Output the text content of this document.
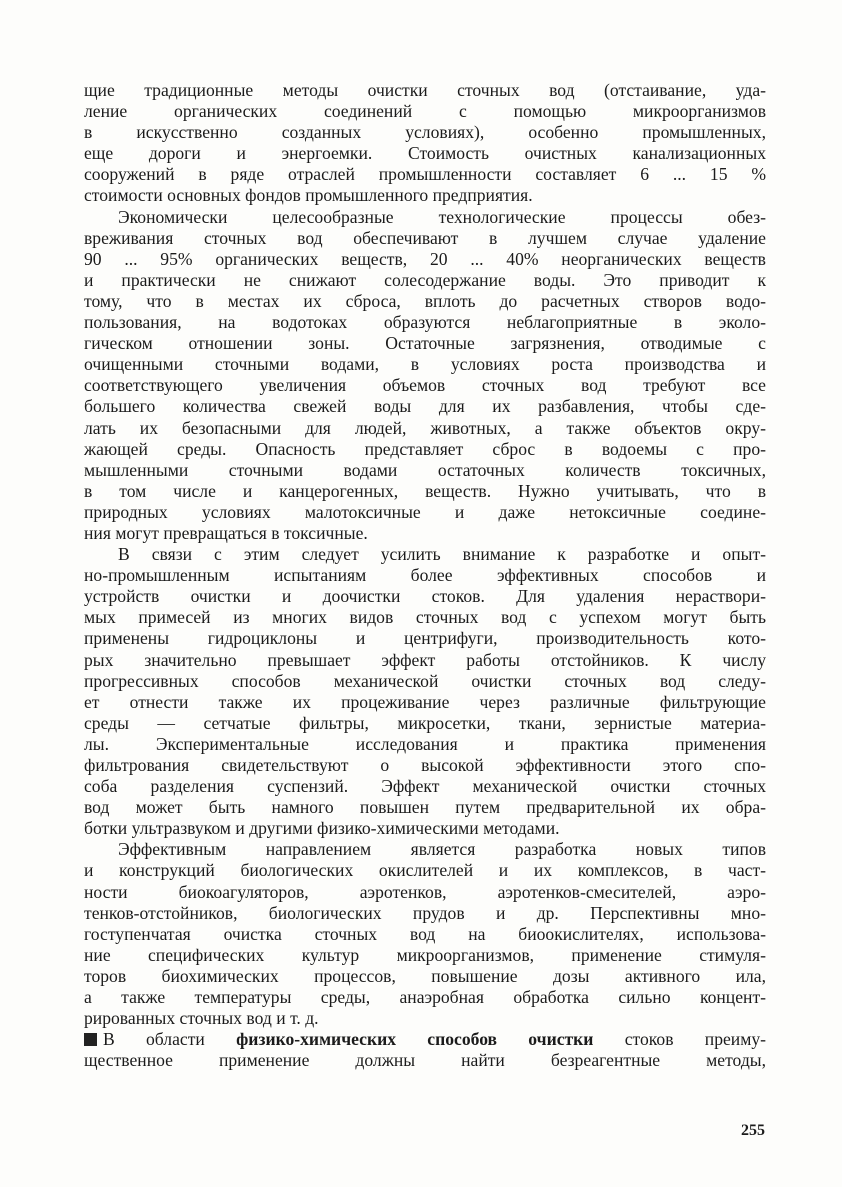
щие традиционные методы очистки сточных вод (отстаивание, уда-
ление органических соединений с помощью микроорганизмов
в искусственно созданных условиях), особенно промышленных,
еще дороги и энергоемки. Стоимость очистных канализационных
сооружений в ряде отраслей промышленности составляет 6 ... 15 %
стоимости основных фондов промышленного предприятия.
Экономически целесообразные технологические процессы обез-
вреживания сточных вод обеспечивают в лучшем случае удаление
90 ... 95% органических веществ, 20 ... 40% неорганических веществ
и практически не снижают солесодержание воды. Это приводит к
тому, что в местах их сброса, вплоть до расчетных створов водо-
пользования, на водотоках образуются неблагоприятные в эколо-
гическом отношении зоны. Остаточные загрязнения, отводимые с
очищенными сточными водами, в условиях роста производства и
соответствующего увеличения объемов сточных вод требуют все
большего количества свежей воды для их разбавления, чтобы сде-
лать их безопасными для людей, животных, а также объектов окру-
жающей среды. Опасность представляет сброс в водоемы с про-
мышленными сточными водами остаточных количеств токсичных,
в том числе и канцерогенных, веществ. Нужно учитывать, что в
природных условиях малотоксичные и даже нетоксичные соедине-
ния могут превращаться в токсичные.
В связи с этим следует усилить внимание к разработке и опыт-
но-промышленным испытаниям более эффективных способов и
устройств очистки и доочистки стоков. Для удаления нераствори-
мых примесей из многих видов сточных вод с успехом могут быть
применены гидроциклоны и центрифуги, производительность кото-
рых значительно превышает эффект работы отстойников. К числу
прогрессивных способов механической очистки сточных вод следу-
ет отнести также их процеживание через различные фильтрующие
среды — сетчатые фильтры, микросетки, ткани, зернистые материа-
лы. Экспериментальные исследования и практика применения
фильтрования свидетельствуют о высокой эффективности этого спо-
соба разделения суспензий. Эффект механической очистки сточных
вод может быть намного повышен путем предварительной их обра-
ботки ультразвуком и другими физико-химическими методами.
Эффективным направлением является разработка новых типов
и конструкций биологических окислителей и их комплексов, в част-
ности биокоагуляторов, аэротенков, аэротенков-смесителей, аэро-
тенков-отстойников, биологических прудов и др. Перспективны мно-
гоступенчатая очистка сточных вод на биоокислителях, использова-
ние специфических культур микроорганизмов, применение стимуля-
торов биохимических процессов, повышение дозы активного ила,
а также температуры среды, анаэробная обработка сильно концент-
рированных сточных вод и т. д.
В области физико-химических способов очистки стоков преиму-
щественное применение должны найти безреагентные методы,
255
